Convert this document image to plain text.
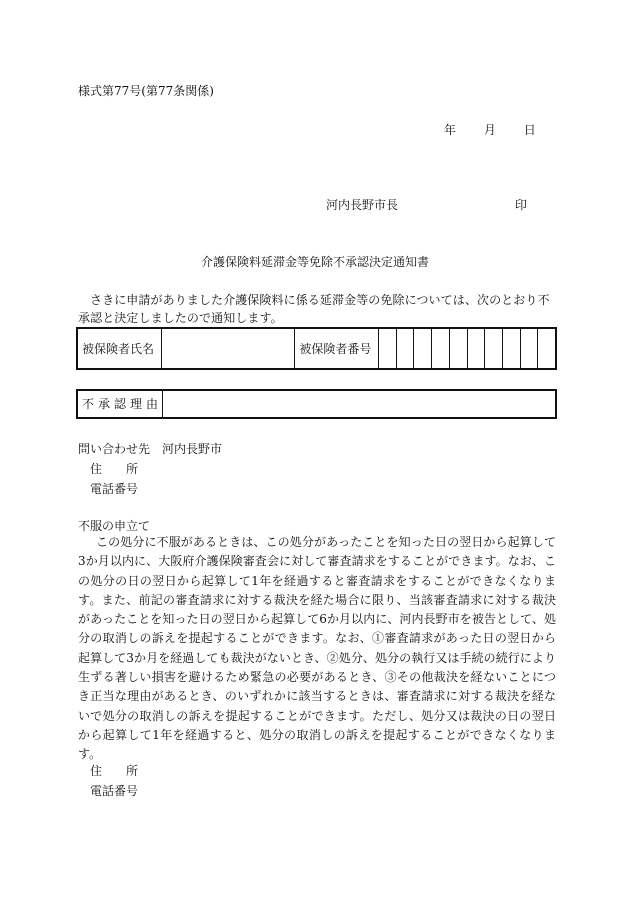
様式第77号(第77条関係)
年 月 日
河内長野市長	印
介護保険料延滞金等免除不承認決定通知書
さきに申請がありました介護保険料に係る延滞金等の免除については、次のとおり不承認と決定しましたので通知します。
被保険者氏名		被保険者番号										
不承認理由	
問い合わせ先　河内長野市
住　　所
電話番号
不服の申立て
この処分に不服があるときは、この処分があったことを知った日の翌日から起算して3か月以内に、大阪府介護保険審査会に対して審査請求をすることができます。なお、この処分の日の翌日から起算して1年を経過すると審査請求をすることができなくなります。また、前記の審査請求に対する裁決を経た場合に限り、当該審査請求に対する裁決があったことを知った日の翌日から起算して6か月以内に、河内長野市を被告として、処分の取消しの訴えを提起することができます。なお、①審査請求があった日の翌日から起算して3か月を経過しても裁決がないとき、②処分、処分の執行又は手続の続行により生ずる著しい損害を避けるため緊急の必要があるとき、③その他裁決を経ないことにつき正当な理由があるとき、のいずれかに該当するときは、審査請求に対する裁決を経ないで処分の取消しの訴えを提起することができます。ただし、処分又は裁決の日の翌日から起算して1年を経過すると、処分の取消しの訴えを提起することができなくなります。
住　　所
電話番号
